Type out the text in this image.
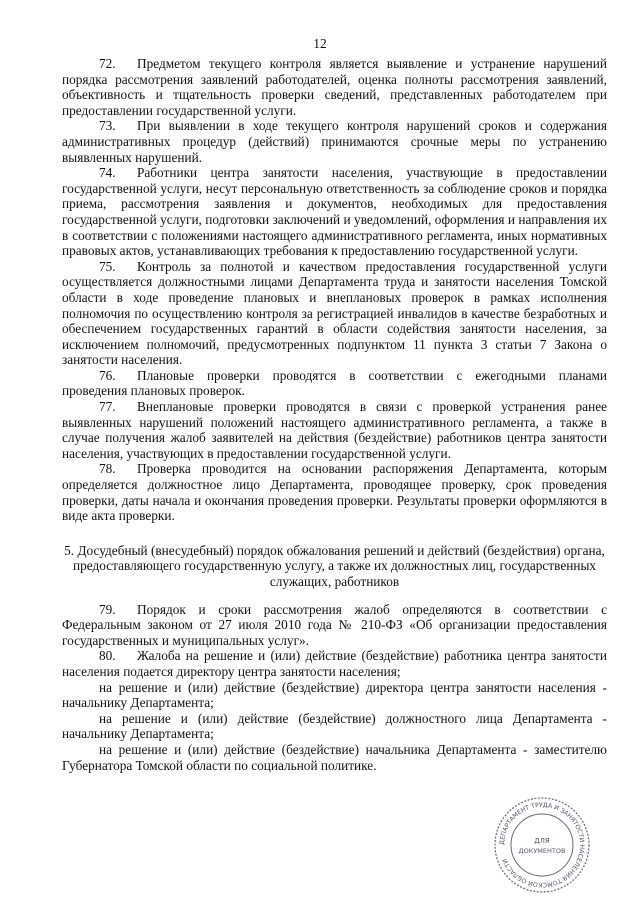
12

72. Предметом текущего контроля является выявление и устранение нарушений порядка рассмотрения заявлений работодателей, оценка полноты рассмотрения заявлений, объективность и тщательность проверки сведений, представленных работодателем при предоставлении государственной услуги.

73. При выявлении в ходе текущего контроля нарушений сроков и содержания административных процедур (действий) принимаются срочные меры по устранению выявленных нарушений.

74. Работники центра занятости населения, участвующие в предоставлении государственной услуги, несут персональную ответственность за соблюдение сроков и порядка приема, рассмотрения заявления и документов, необходимых для предоставления государственной услуги, подготовки заключений и уведомлений, оформления и направления их в соответствии с положениями настоящего административного регламента, иных нормативных правовых актов, устанавливающих требования к предоставлению государственной услуги.

75. Контроль за полнотой и качеством предоставления государственной услуги осуществляется должностными лицами Департамента труда и занятости населения Томской области в ходе проведение плановых и внеплановых проверок в рамках исполнения полномочия по осуществлению контроля за регистрацией инвалидов в качестве безработных и обеспечением государственных гарантий в области содействия занятости населения, за исключением полномочий, предусмотренных подпунктом 11 пункта 3 статьи 7 Закона о занятости населения.

76. Плановые проверки проводятся в соответствии с ежегодными планами проведения плановых проверок.

77. Внеплановые проверки проводятся в связи с проверкой устранения ранее выявленных нарушений положений настоящего административного регламента, а также в случае получения жалоб заявителей на действия (бездействие) работников центра занятости населения, участвующих в предоставлении государственной услуги.

78. Проверка проводится на основании распоряжения Департамента, которым определяется должностное лицо Департамента, проводящее проверку, срок проведения проверки, даты начала и окончания проведения проверки. Результаты проверки оформляются в виде акта проверки.

5. Досудебный (внесудебный) порядок обжалования решений и действий (бездействия) органа, предоставляющего государственную услугу, а также их должностных лиц, государственных служащих, работников

79. Порядок и сроки рассмотрения жалоб определяются в соответствии с Федеральным законом от 27 июля 2010 года № 210-ФЗ «Об организации предоставления государственных и муниципальных услуг».

80. Жалоба на решение и (или) действие (бездействие) работника центра занятости населения подается директору центра занятости населения;

на решение и (или) действие (бездействие) директора центра занятости населения - начальнику Департамента;

на решение и (или) действие (бездействие) должностного лица Департамента - начальнику Департамента;

на решение и (или) действие (бездействие) начальника Департамента - заместителю Губернатора Томской области по социальной политике.

ДЕПАРТАМЕНТ ТРУДА И ЗАНЯТОСТИ НАСЕЛЕНИЯ ТОМСКОЙ ОБЛАСТИ
ДЛЯ
ДОКУМЕНТОВ
